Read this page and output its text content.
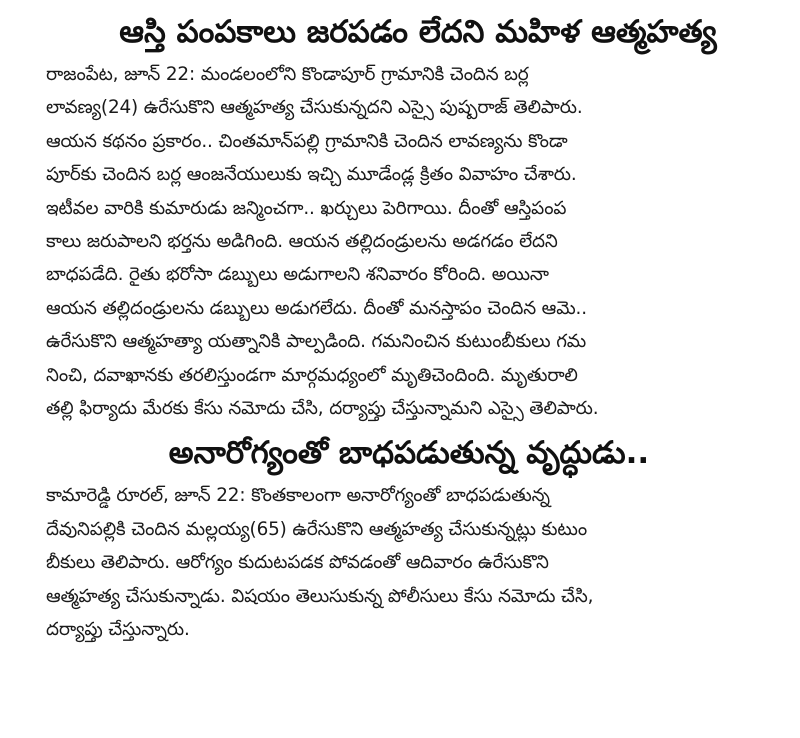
ఆస్తి పంపకాలు జరపడం లేదని మహిళ ఆత్మహత్య

రాజంపేట, జూన్ 22: మండలంలోని కొండాపూర్ గ్రామానికి చెందిన బర్ల
లావణ్య(24) ఉరేసుకొని ఆత్మహత్య చేసుకున్నదని ఎస్సై పుష్పరాజ్ తెలిపారు.
ఆయన కథనం ప్రకారం.. చింతమాన్‌పల్లి గ్రామానికి చెందిన లావణ్యను కొండా
పూర్‌కు చెందిన బర్ల ఆంజనేయులుకు ఇచ్చి మూడేండ్ల క్రితం వివాహం చేశారు.
ఇటీవల వారికి కుమారుడు జన్మించగా.. ఖర్చులు పెరిగాయి. దీంతో ఆస్తిపంప
కాలు జరుపాలని భర్తను అడిగింది. ఆయన తల్లిదండ్రులను అడగడం లేదని
బాధపడేది. రైతు భరోసా డబ్బులు అడుగాలని శనివారం కోరింది. అయినా
ఆయన తల్లిదండ్రులను డబ్బులు అడుగలేదు. దీంతో మనస్తాపం చెందిన ఆమె..
ఉరేసుకొని ఆత్మహత్యా యత్నానికి పాల్పడింది. గమనించిన కుటుంబీకులు గమ
నించి, దవాఖానకు తరలిస్తుండగా మార్గమధ్యంలో మృతిచెందింది. మృతురాలి
తల్లి ఫిర్యాదు మేరకు కేసు నమోదు చేసి, దర్యాప్తు చేస్తున్నామని ఎస్సై తెలిపారు.

అనారోగ్యంతో బాధపడుతున్న వృద్ధుడు..

కామారెడ్డి రూరల్, జూన్ 22: కొంతకాలంగా అనారోగ్యంతో బాధపడుతున్న
దేవునిపల్లికి చెందిన మల్లయ్య(65) ఉరేసుకొని ఆత్మహత్య చేసుకున్నట్లు కుటుం
బీకులు తెలిపారు. ఆరోగ్యం కుదుటపడక పోవడంతో ఆదివారం ఉరేసుకొని
ఆత్మహత్య చేసుకున్నాడు. విషయం తెలుసుకున్న పోలీసులు కేసు నమోదు చేసి,
దర్యాప్తు చేస్తున్నారు.
